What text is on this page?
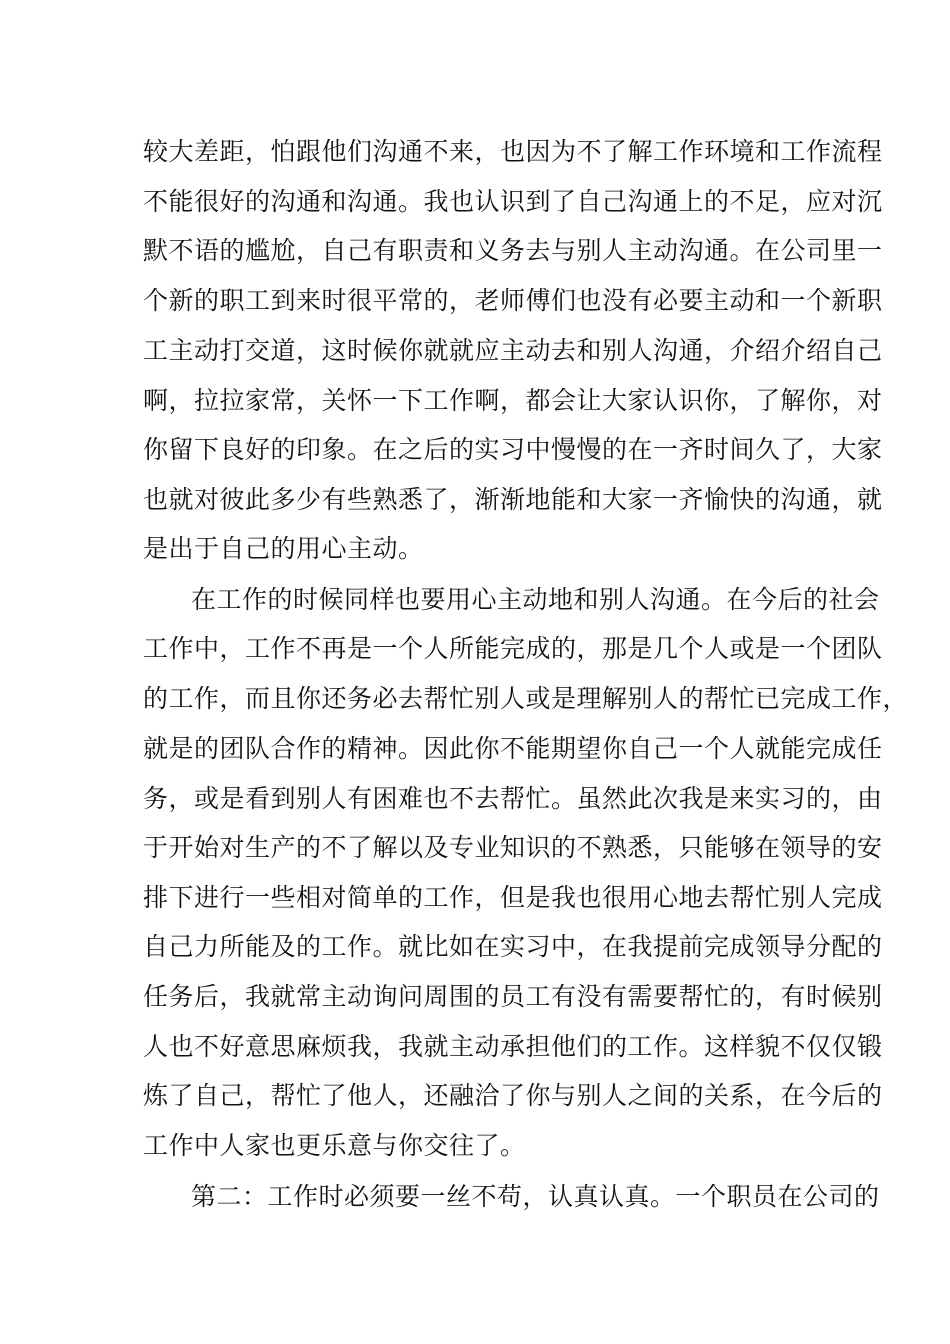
较大差距，怕跟他们沟通不来，也因为不了解工作环境和工作流程

不能很好的沟通和沟通。我也认识到了自己沟通上的不足，应对沉

默不语的尴尬，自己有职责和义务去与别人主动沟通。在公司里一

个新的职工到来时很平常的，老师傅们也没有必要主动和一个新职

工主动打交道，这时候你就就应主动去和别人沟通，介绍介绍自己

啊，拉拉家常，关怀一下工作啊，都会让大家认识你，了解你，对

你留下良好的印象。在之后的实习中慢慢的在一齐时间久了，大家

也就对彼此多少有些熟悉了，渐渐地能和大家一齐愉快的沟通，就

是出于自己的用心主动。

在工作的时候同样也要用心主动地和别人沟通。在今后的社会

工作中，工作不再是一个人所能完成的，那是几个人或是一个团队

的工作，而且你还务必去帮忙别人或是理解别人的帮忙已完成工作，

就是的团队合作的精神。因此你不能期望你自己一个人就能完成任

务，或是看到别人有困难也不去帮忙。虽然此次我是来实习的，由

于开始对生产的不了解以及专业知识的不熟悉，只能够在领导的安

排下进行一些相对简单的工作，但是我也很用心地去帮忙别人完成

自己力所能及的工作。就比如在实习中，在我提前完成领导分配的

任务后，我就常主动询问周围的员工有没有需要帮忙的，有时候别

人也不好意思麻烦我，我就主动承担他们的工作。这样貌不仅仅锻

炼了自己，帮忙了他人，还融洽了你与别人之间的关系，在今后的

工作中人家也更乐意与你交往了。

第二：工作时必须要一丝不苟，认真认真。一个职员在公司的
